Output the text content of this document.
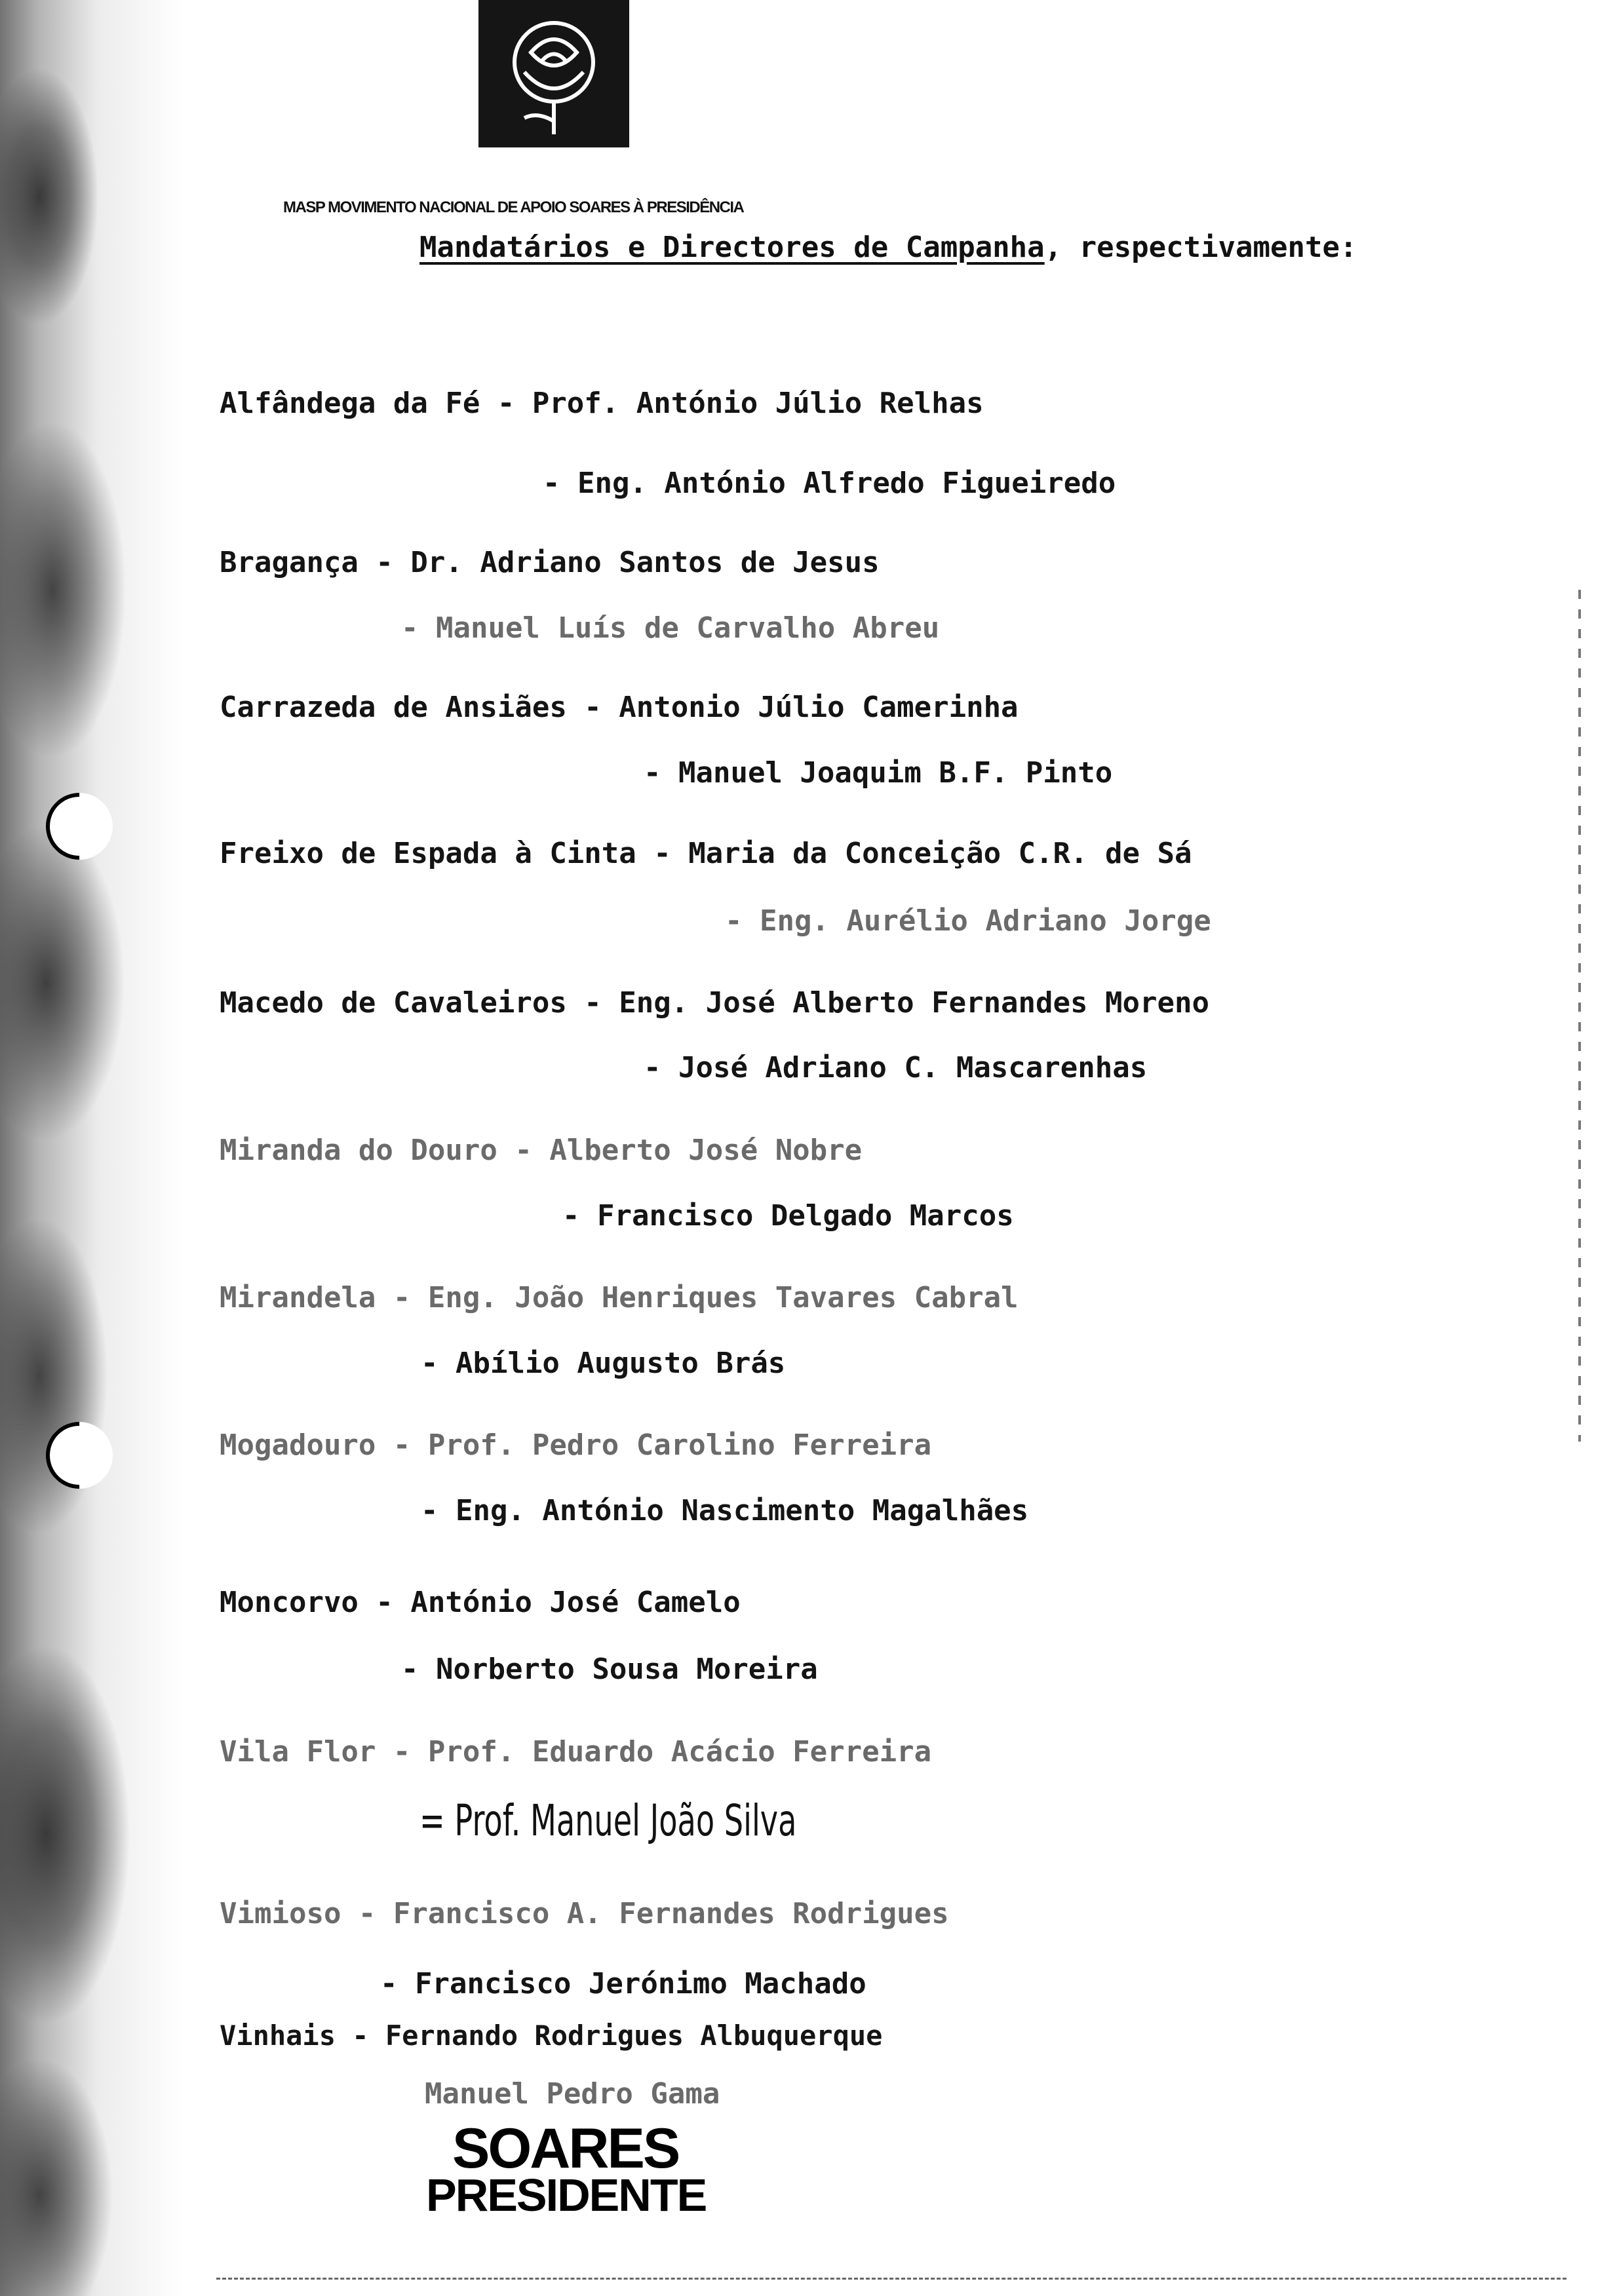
MASP MOVIMENTO NACIONAL DE APOIO SOARES À PRESIDÊNCIA
Mandatários e Directores de Campanha, respectivamente:
Alfândega da Fé - Prof. António Júlio Relhas
- Eng. António Alfredo Figueiredo
Bragança - Dr. Adriano Santos de Jesus
- Manuel Luís de Carvalho Abreu
Carrazeda de Ansiães - Antonio Júlio Camerinha
- Manuel Joaquim B.F. Pinto
Freixo de Espada à Cinta - Maria da Conceição C.R. de Sá
- Eng. Aurélio Adriano Jorge
Macedo de Cavaleiros - Eng. José Alberto Fernandes Moreno
- José Adriano C. Mascarenhas
Miranda do Douro - Alberto José Nobre
- Francisco Delgado Marcos
Mirandela - Eng. João Henriques Tavares Cabral
- Abílio Augusto Brás
Mogadouro - Prof. Pedro Carolino Ferreira
- Eng. António Nascimento Magalhães
Moncorvo - António José Camelo
- Norberto Sousa Moreira
Vila Flor - Prof. Eduardo Acácio Ferreira
= Prof. Manuel João Silva
Vimioso - Francisco A. Fernandes Rodrigues
- Francisco Jerónimo Machado
Vinhais - Fernando Rodrigues Albuquerque
Manuel Pedro Gama
SOARES
PRESIDENTE
